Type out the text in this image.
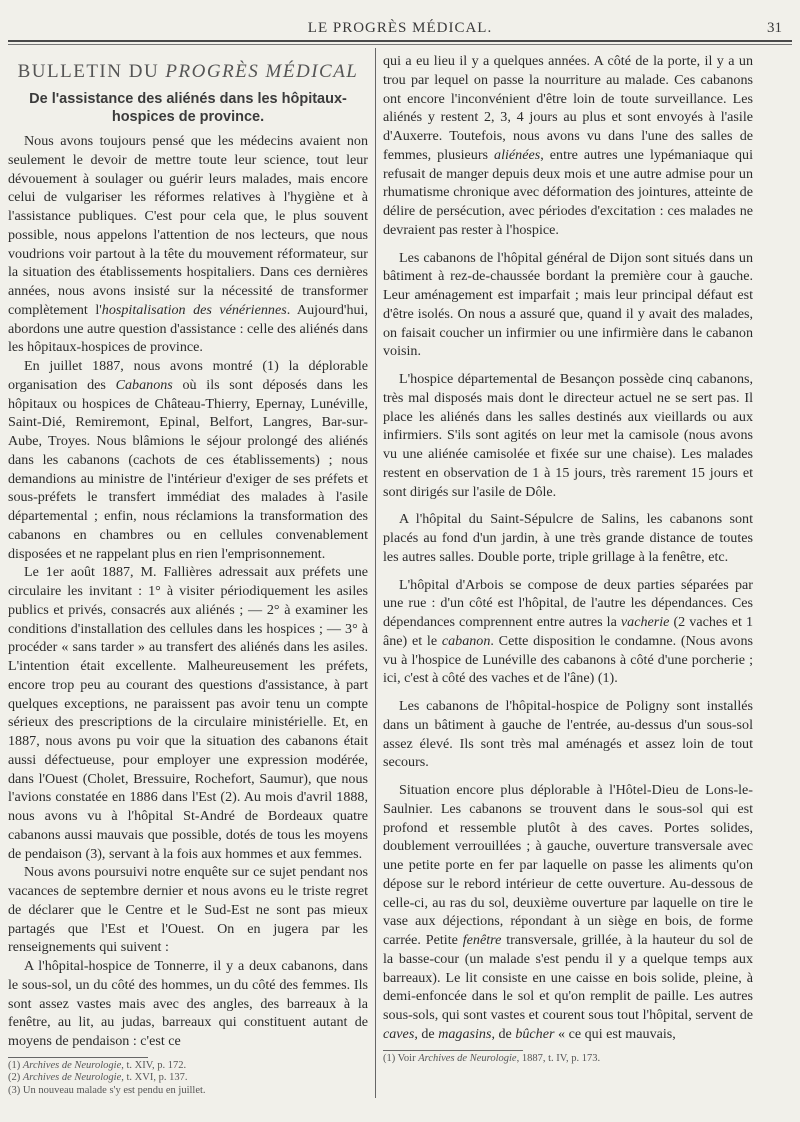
LE PROGRÈS MÉDICAL.	31
BULLETIN DU PROGRÈS MÉDICAL
De l'assistance des aliénés dans les hôpitaux-hospices de province.

Nous avons toujours pensé que les médecins avaient non seulement le devoir de mettre toute leur science, tout leur dévouement à soulager ou guérir leurs malades, mais encore celui de vulgariser les réformes relatives à l'hygiène et à l'assistance publiques. C'est pour cela que, le plus souvent possible, nous appelons l'attention de nos lecteurs, que nous voudrions voir partout à la tête du mouvement réformateur, sur la situation des établissements hospitaliers. Dans ces dernières années, nous avons insisté sur la nécessité de transformer complètement l'hospitalisation des vénériennes. Aujourd'hui, abordons une autre question d'assistance : celle des aliénés dans les hôpitaux-hospices de province.

En juillet 1887, nous avons montré (1) la déplorable organisation des Cabanons où ils sont déposés dans les hôpitaux ou hospices de Château-Thierry, Epernay, Lunéville, Saint-Dié, Remiremont, Epinal, Belfort, Langres, Bar-sur-Aube, Troyes. Nous blâmions le séjour prolongé des aliénés dans les cabanons (cachots de ces établissements) ; nous demandions au ministre de l'intérieur d'exiger de ses préfets et sous-préfets le transfert immédiat des malades à l'asile départemental ; enfin, nous réclamions la transformation des cabanons en chambres ou en cellules convenablement disposées et ne rappelant plus en rien l'emprisonnement.

Le 1er août 1887, M. Fallières adressait aux préfets une circulaire les invitant : 1° à visiter périodiquement les asiles publics et privés, consacrés aux aliénés ; — 2° à examiner les conditions d'installation des cellules dans les hospices ; — 3° à procéder « sans tarder » au transfert des aliénés dans les asiles. L'intention était excellente. Malheureusement les préfets, encore trop peu au courant des questions d'assistance, à part quelques exceptions, ne paraissent pas avoir tenu un compte sérieux des prescriptions de la circulaire ministérielle. Et, en 1887, nous avons pu voir que la situation des cabanons était aussi défectueuse, pour employer une expression modérée, dans l'Ouest (Cholet, Bressuire, Rochefort, Saumur), que nous l'avions constatée en 1886 dans l'Est (2). Au mois d'avril 1888, nous avons vu à l'hôpital St-André de Bordeaux quatre cabanons aussi mauvais que possible, dotés de tous les moyens de pendaison (3), servant à la fois aux hommes et aux femmes.

Nous avons poursuivi notre enquête sur ce sujet pendant nos vacances de septembre dernier et nous avons eu le triste regret de déclarer que le Centre et le Sud-Est ne sont pas mieux partagés que l'Est et l'Ouest. On en jugera par les renseignements qui suivent :

A l'hôpital-hospice de Tonnerre, il y a deux cabanons, dans le sous-sol, un du côté des hommes, un du côté des femmes. Ils sont assez vastes mais avec des angles, des barreaux à la fenêtre, au lit, au judas, barreaux qui constituent autant de moyens de pendaison : c'est ce

(1) Archives de Neurologie, t. XIV, p. 172.

(2) Archives de Neurologie, t. XVI, p. 137.

(3) Un nouveau malade s'y est pendu en juillet.

qui a eu lieu il y a quelques années. A côté de la porte, il y a un trou par lequel on passe la nourriture au malade. Ces cabanons ont encore l'inconvénient d'être loin de toute surveillance. Les aliénés y restent 2, 3, 4 jours au plus et sont envoyés à l'asile d'Auxerre. Toutefois, nous avons vu dans l'une des salles de femmes, plusieurs aliénées, entre autres une lypémaniaque qui refusait de manger depuis deux mois et une autre admise pour un rhumatisme chronique avec déformation des jointures, atteinte de délire de persécution, avec périodes d'excitation : ces malades ne devraient pas rester à l'hospice.

Les cabanons de l'hôpital général de Dijon sont situés dans un bâtiment à rez-de-chaussée bordant la première cour à gauche. Leur aménagement est imparfait ; mais leur principal défaut est d'être isolés. On nous a assuré que, quand il y avait des malades, on faisait coucher un infirmier ou une infirmière dans le cabanon voisin.

L'hospice départemental de Besançon possède cinq cabanons, très mal disposés mais dont le directeur actuel ne se sert pas. Il place les aliénés dans les salles destinés aux vieillards ou aux infirmiers. S'ils sont agités on leur met la camisole (nous avons vu une aliénée camisolée et fixée sur une chaise). Les malades restent en observation de 1 à 15 jours, très rarement 15 jours et sont dirigés sur l'asile de Dôle.

A l'hôpital du Saint-Sépulcre de Salins, les cabanons sont placés au fond d'un jardin, à une très grande distance de toutes les autres salles. Double porte, triple grillage à la fenêtre, etc.

L'hôpital d'Arbois se compose de deux parties séparées par une rue : d'un côté est l'hôpital, de l'autre les dépendances. Ces dépendances comprennent entre autres la vacherie (2 vaches et 1 âne) et le cabanon. Cette disposition le condamne. (Nous avons vu à l'hospice de Lunéville des cabanons à côté d'une porcherie ; ici, c'est à côté des vaches et de l'âne) (1).

Les cabanons de l'hôpital-hospice de Poligny sont installés dans un bâtiment à gauche de l'entrée, au-dessus d'un sous-sol assez élevé. Ils sont très mal aménagés et assez loin de tout secours.

Situation encore plus déplorable à l'Hôtel-Dieu de Lons-le-Saulnier. Les cabanons se trouvent dans le sous-sol qui est profond et ressemble plutôt à des caves. Portes solides, doublement verrouillées ; à gauche, ouverture transversale avec une petite porte en fer par laquelle on passe les aliments qu'on dépose sur le rebord intérieur de cette ouverture. Au-dessous de celle-ci, au ras du sol, deuxième ouverture par laquelle on tire le vase aux déjections, répondant à un siège en bois, de forme carrée. Petite fenêtre transversale, grillée, à la hauteur du sol de la basse-cour (un malade s'est pendu il y a quelque temps aux barreaux). Le lit consiste en une caisse en bois solide, pleine, à demi-enfoncée dans le sol et qu'on remplit de paille. Les autres sous-sols, qui sont vastes et courent sous tout l'hôpital, servent de caves, de magasins, de bûcher « ce qui est mauvais,

(1) Voir Archives de Neurologie, 1887, t. IV, p. 173.
